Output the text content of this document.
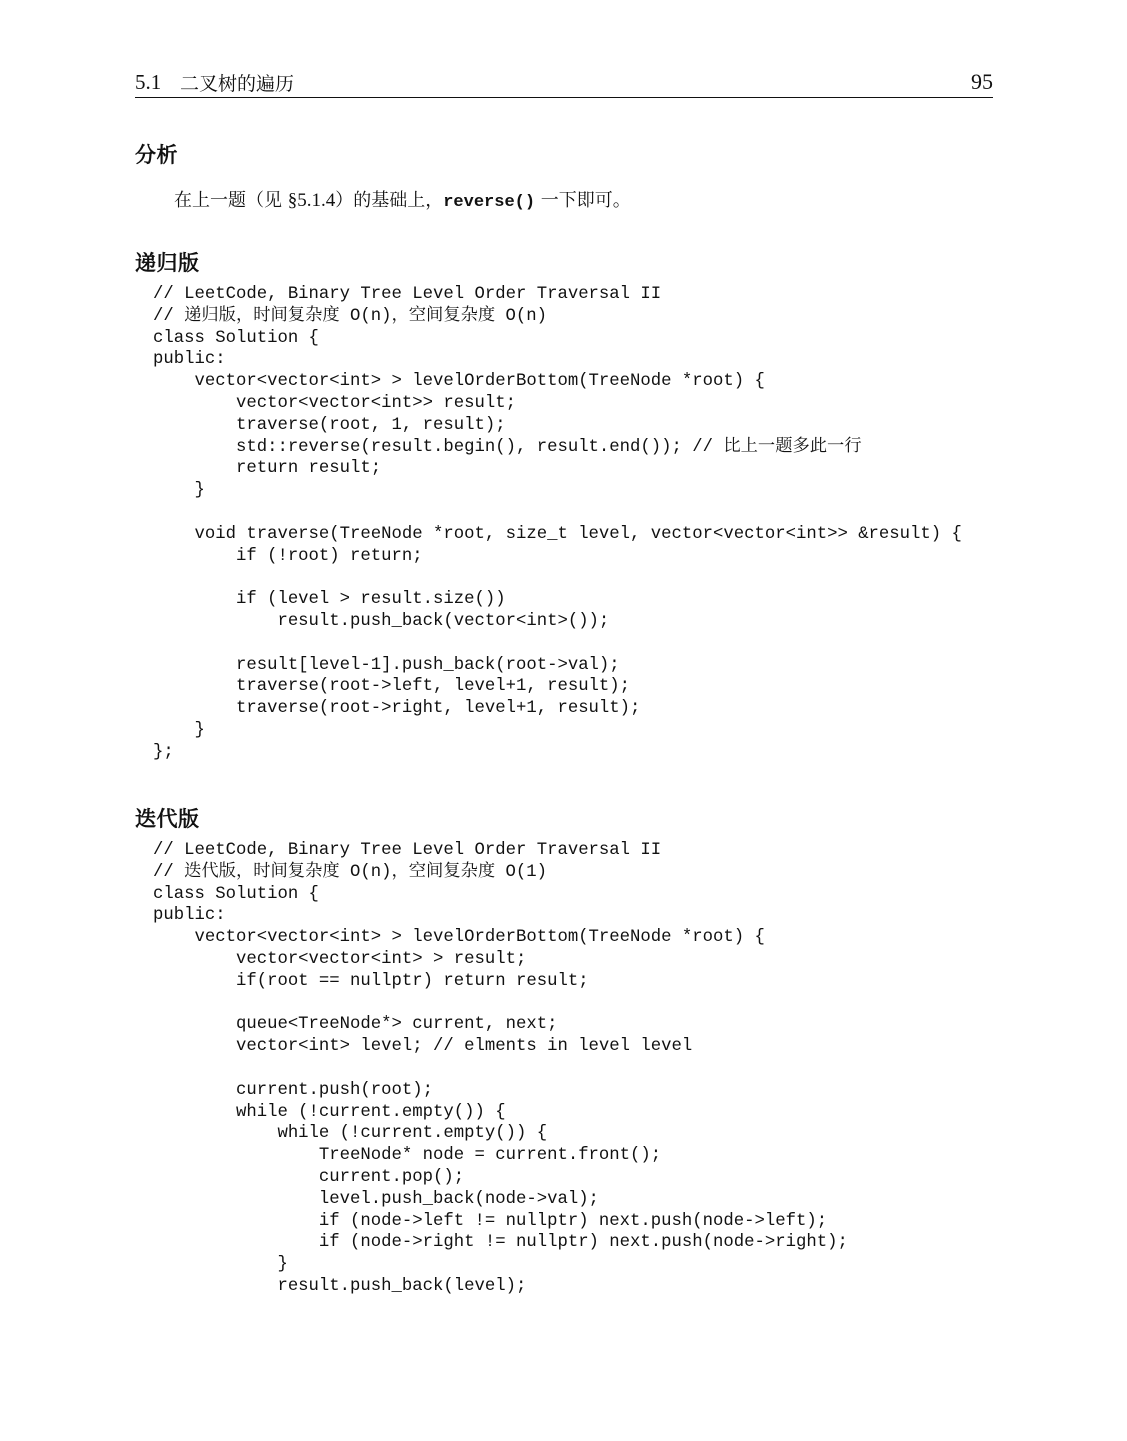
5.1 二叉树的遍历	95
分析
在上一题（见 §5.1.4）的基础上，reverse() 一下即可。
递归版
// LeetCode, Binary Tree Level Order Traversal II
// 递归版，时间复杂度 O(n)，空间复杂度 O(n)
class Solution {
public:
vector<vector<int> > levelOrderBottom(TreeNode *root) {
vector<vector<int>> result;
traverse(root, 1, result);
std::reverse(result.begin(), result.end()); // 比上一题多此一行
return result;
}
void traverse(TreeNode *root, size_t level, vector<vector<int>> &result) {
if (!root) return;
if (level > result.size())
result.push_back(vector<int>());
result[level-1].push_back(root->val);
traverse(root->left, level+1, result);
traverse(root->right, level+1, result);
}
};
迭代版
// LeetCode, Binary Tree Level Order Traversal II
// 迭代版，时间复杂度 O(n)，空间复杂度 O(1)
class Solution {
public:
vector<vector<int> > levelOrderBottom(TreeNode *root) {
vector<vector<int> > result;
if(root == nullptr) return result;
queue<TreeNode*> current, next;
vector<int> level; // elments in level level
current.push(root);
while (!current.empty()) {
while (!current.empty()) {
TreeNode* node = current.front();
current.pop();
level.push_back(node->val);
if (node->left != nullptr) next.push(node->left);
if (node->right != nullptr) next.push(node->right);
}
result.push_back(level);
